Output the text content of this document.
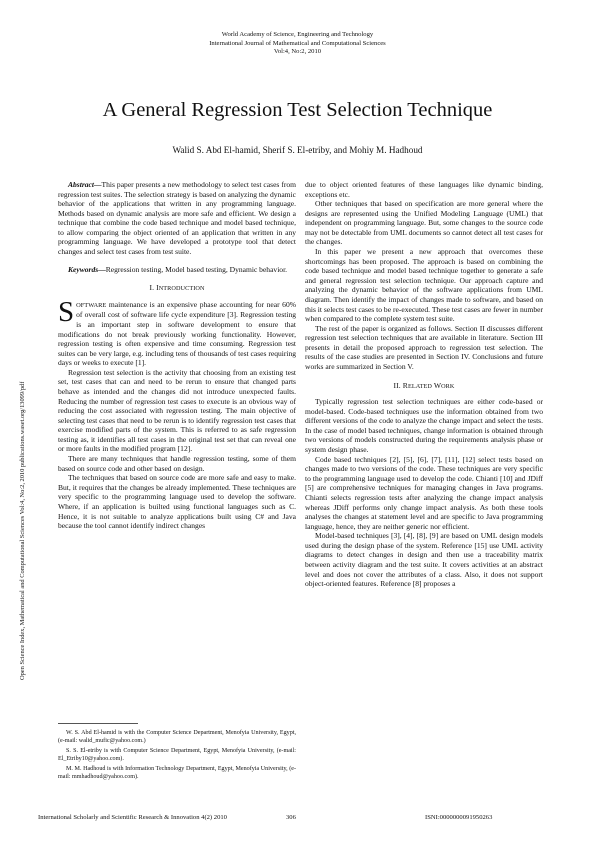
World Academy of Science, Engineering and Technology
International Journal of Mathematical and Computational Sciences
Vol:4, No:2, 2010
A General Regression Test Selection Technique
Walid S. Abd El-hamid, Sherif S. El-etriby, and Mohiy M. Hadhoud
Open Science Index, Mathematical and Computational Sciences Vol:4, No:2, 2010 publications.waset.org/13099/pdf

Abstract—This paper presents a new methodology to select test cases from regression test suites. The selection strategy is based on analyzing the dynamic behavior of the applications that written in any programming language. Methods based on dynamic analysis are more safe and efficient. We design a technique that combine the code based technique and model based technique, to allow comparing the object oriented of an application that written in any programming language. We have developed a prototype tool that detect changes and select test cases from test suite.

Keywords—Regression testing, Model based testing, Dynamic behavior.

I. INTRODUCTION

SOFTWARE maintenance is an expensive phase accounting for near 60% of overall cost of software life cycle expenditure [3]. Regression testing is an important step in software development to ensure that modifications do not break previously working functionality. However, regression testing is often expensive and time consuming. Regression test suites can be very large, e.g. including tens of thousands of test cases requiring days or weeks to execute [1].

Regression test selection is the activity that choosing from an existing test set, test cases that can and need to be rerun to ensure that changed parts behave as intended and the changes did not introduce unexpected faults. Reducing the number of regression test cases to execute is an obvious way of reducing the cost associated with regression testing. The main objective of selecting test cases that need to be rerun is to identify regression test cases that exercise modified parts of the system. This is referred to as safe regression testing as, it identifies all test cases in the original test set that can reveal one or more faults in the modified program [12].

There are many techniques that handle regression testing, some of them based on source code and other based on design.

The techniques that based on source code are more safe and easy to make. But, it requires that the changes be already implemented. These techniques are very specific to the programming language used to develop the software. Where, if an application is builted using functional languages such as C. Hence, it is not suitable to analyze applications built using C# and Java because the tool cannot identify indirect changes

W. S. Abd El-hamid is with the Computer Science Department, Menofyia University, Egypt, (e-mail: walid_mufic@yahoo.com.)

S. S. El-etriby is with Computer Science Department, Egypt, Menofyia University, (e-mail: El_Etriby10@yahoo.com).

M. M. Hadhoud is with Information Technology Department, Egypt, Menofyia University, (e-mail: mmhadhoud@yahoo.com).

due to object oriented features of these languages like dynamic binding, exceptions etc.

Other techniques that based on specification are more general where the designs are represented using the Unified Modeling Language (UML) that independent on programming language. But, some changes to the source code may not be detectable from UML documents so cannot detect all test cases for the changes.

In this paper we present a new approach that overcomes these shortcomings has been proposed. The approach is based on combining the code based technique and model based technique together to generate a safe and general regression test selection technique. Our approach capture and analyzing the dynamic behavior of the software applications from UML diagram. Then identify the impact of changes made to software, and based on this it selects test cases to be re-executed. These test cases are fewer in number when compared to the complete system test suite.

The rest of the paper is organized as follows. Section II discusses different regression test selection techniques that are available in literature. Section III presents in detail the proposed approach to regression test selection. The results of the case studies are presented in Section IV. Conclusions and future works are summarized in Section V.

II. RELATED WORK

Typically regression test selection techniques are either code-based or model-based. Code-based techniques use the information obtained from two different versions of the code to analyze the change impact and select the tests. In the case of model based techniques, change information is obtained through two versions of models constructed during the requirements analysis phase or system design phase.

Code based techniques [2], [5], [6], [7], [11], [12] select tests based on changes made to two versions of the code. These techniques are very specific to the programming language used to develop the code. Chianti [10] and JDiff [5] are comprehensive techniques for managing changes in Java programs. Chianti selects regression tests after analyzing the change impact analysis whereas JDiff performs only change impact analysis. As both these tools analyses the changes at statement level and are specific to Java programming language, hence, they are neither generic nor efficient.

Model-based techniques [3], [4], [8], [9] are based on UML design models used during the design phase of the system. Reference [15] use UML activity diagrams to detect changes in design and then use a traceability matrix between activity diagram and the test suite. It covers activities at an abstract level and does not cover the attributes of a class. Also, it does not support object-oriented features. Reference [8] proposes a

International Scholarly and Scientific Research & Innovation 4(2) 2010	306	ISNI:0000000091950263
